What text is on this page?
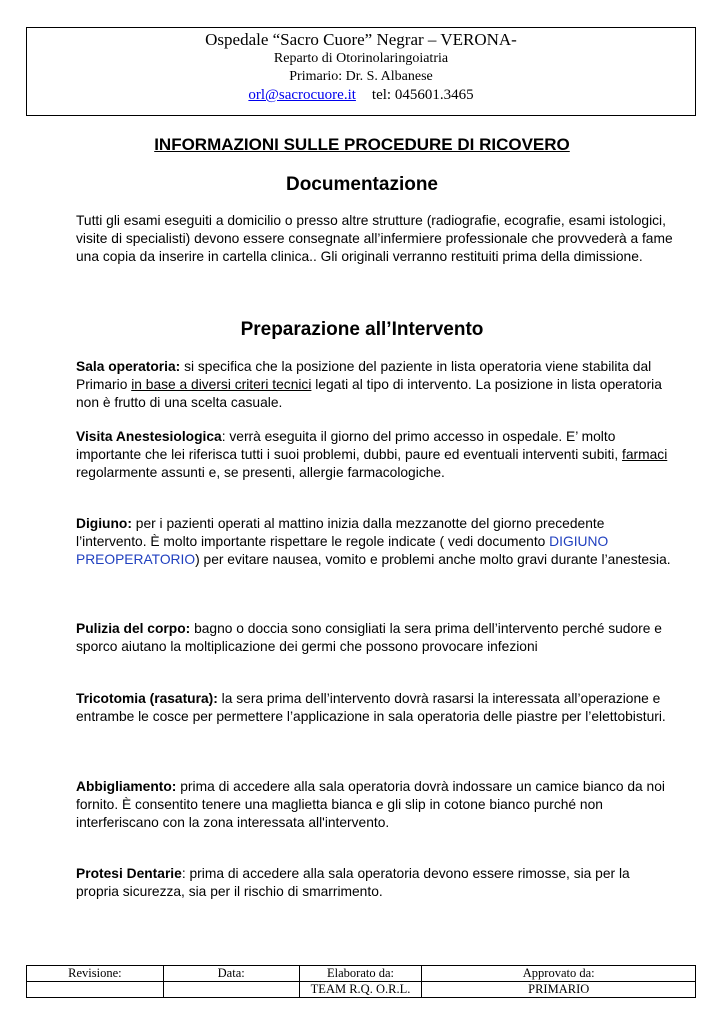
Ospedale “Sacro Cuore” Negrar – VERONA-
Reparto di Otorinolaringoiatria
Primario: Dr. S. Albanese
orl@sacrocuore.it tel: 045601.3465
INFORMAZIONI SULLE PROCEDURE DI RICOVERO
Documentazione
Tutti gli esami eseguiti a domicilio o presso altre strutture (radiografie, ecografie, esami istologici, visite di specialisti) devono essere consegnate all’infermiere professionale che provvederà a fame una copia da inserire in cartella clinica.. Gli originali verranno restituiti prima della dimissione.
Preparazione all’Intervento
Sala operatoria: si specifica che la posizione del paziente in lista operatoria viene stabilita dal Primario in base a diversi criteri tecnici legati al tipo di intervento. La posizione in lista operatoria non è frutto di una scelta casuale.
Visita Anestesiologica: verrà eseguita il giorno del primo accesso in ospedale. E’ molto importante che lei riferisca tutti i suoi problemi, dubbi, paure ed eventuali interventi subiti, farmaci regolarmente assunti e, se presenti, allergie farmacologiche.
Digiuno: per i pazienti operati al mattino inizia dalla mezzanotte del giorno precedente l’intervento. È molto importante rispettare le regole indicate ( vedi documento DIGIUNO PREOPERATORIO) per evitare nausea, vomito e problemi anche molto gravi durante l’anestesia.
Pulizia del corpo: bagno o doccia sono consigliati la sera prima dell’intervento perché sudore e sporco aiutano la moltiplicazione dei germi che possono provocare infezioni
Tricotomia (rasatura): la sera prima dell’intervento dovrà rasarsi la interessata all’operazione e entrambe le cosce per permettere l’applicazione in sala operatoria delle piastre per l’elettobisturi.
Abbigliamento: prima di accedere alla sala operatoria dovrà indossare un camice bianco da noi fornito. È consentito tenere una maglietta bianca e gli slip in cotone bianco purché non interferiscano con la zona interessata all'intervento.
Protesi Dentarie: prima di accedere alla sala operatoria devono essere rimosse, sia per la propria sicurezza, sia per il rischio di smarrimento.
Revisione:	Data:	Elaborato da:	Approvato da:
		TEAM R.Q. O.R.L.	PRIMARIO
